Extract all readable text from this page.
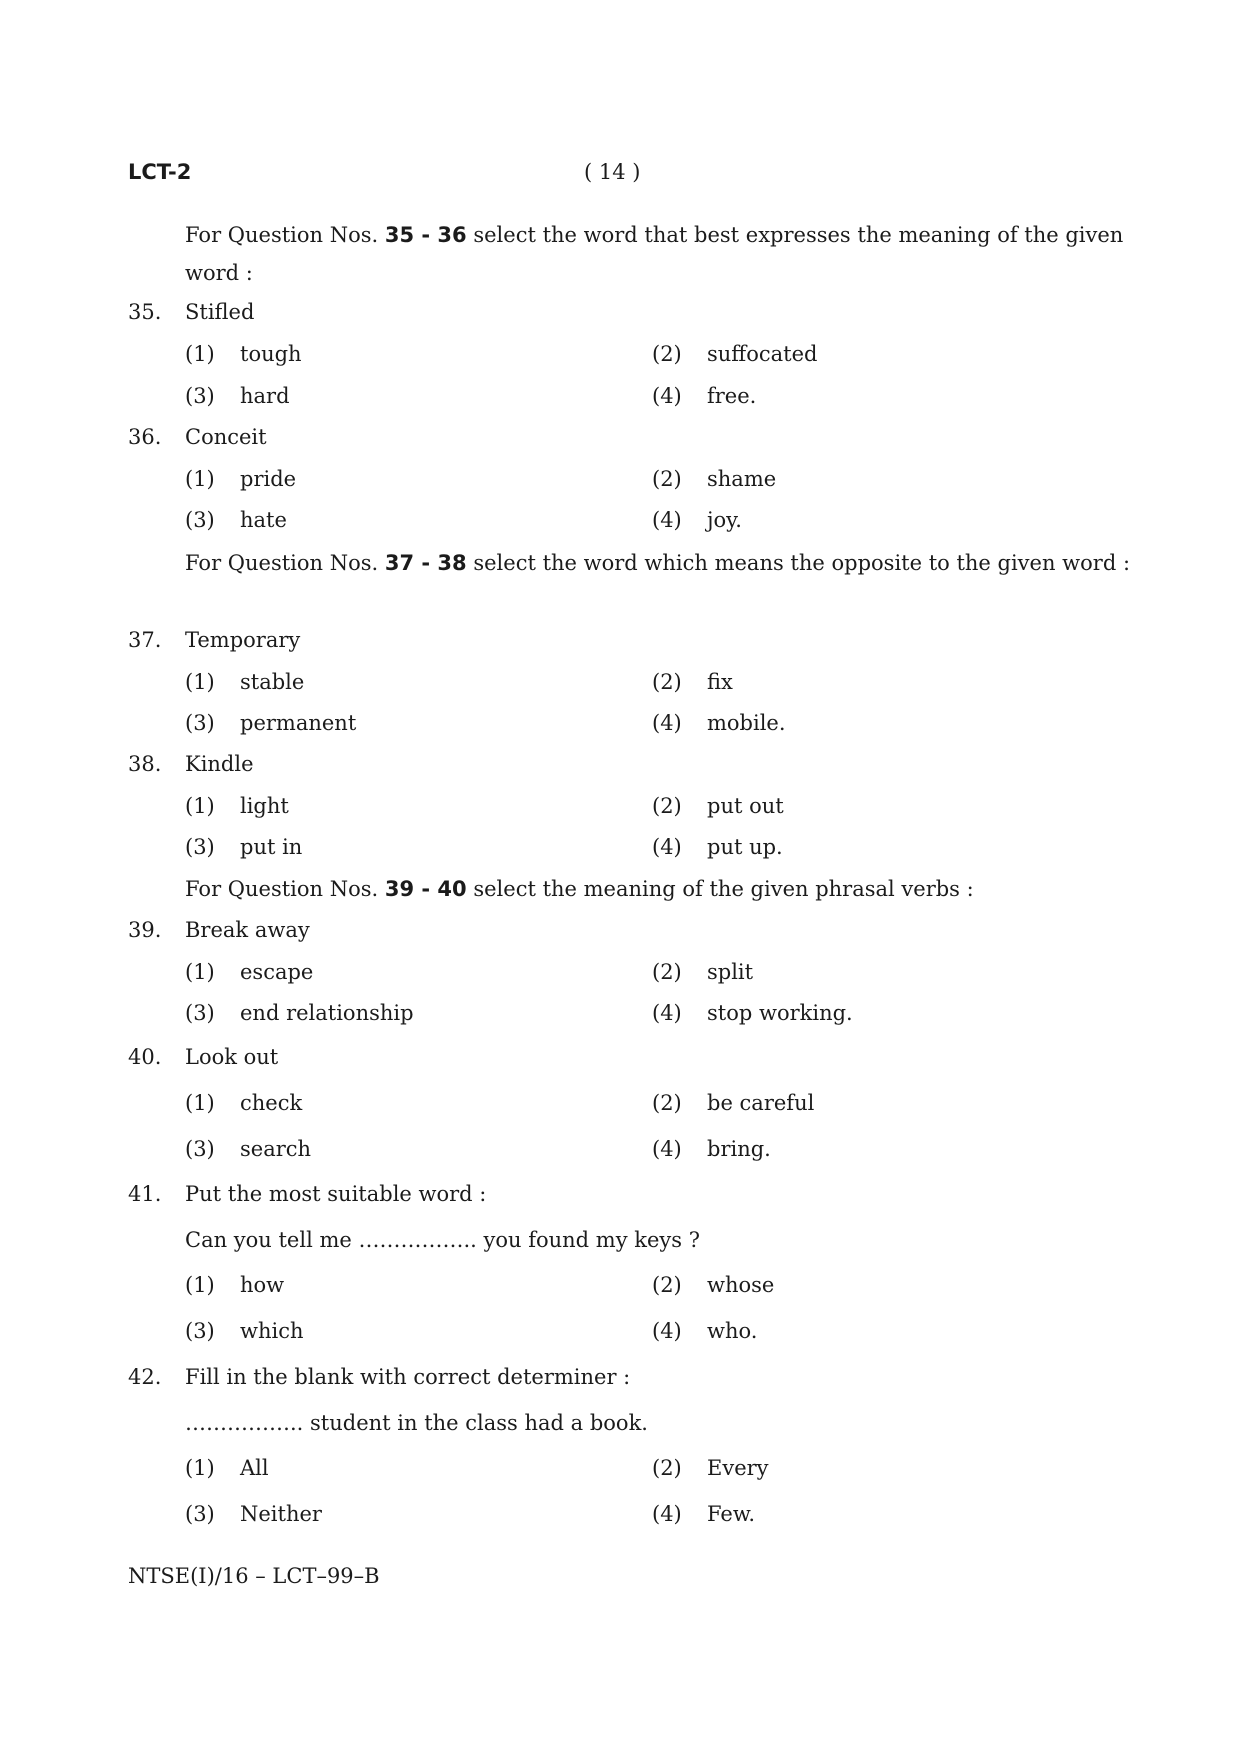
LCT-2	( 14 )
For Question Nos. 35 - 36 select the word that best expresses the meaning of the given word :
35. Stifled
(1) tough	(2) suffocated
(3) hard	(4) free.
36. Conceit
(1) pride	(2) shame
(3) hate	(4) joy.
For Question Nos. 37 - 38 select the word which means the opposite to the given word :
37. Temporary
(1) stable	(2) fix
(3) permanent	(4) mobile.
38. Kindle
(1) light	(2) put out
(3) put in	(4) put up.
For Question Nos. 39 - 40 select the meaning of the given phrasal verbs :
39. Break away
(1) escape	(2) split
(3) end relationship	(4) stop working.
40. Look out
(1) check	(2) be careful
(3) search	(4) bring.
41. Put the most suitable word :
Can you tell me …………….. you found my keys ?
(1) how	(2) whose
(3) which	(4) who.
42. Fill in the blank with correct determiner :
…………….. student in the class had a book.
(1) All	(2) Every
(3) Neither	(4) Few.
NTSE(I)/16 – LCT–99–B
